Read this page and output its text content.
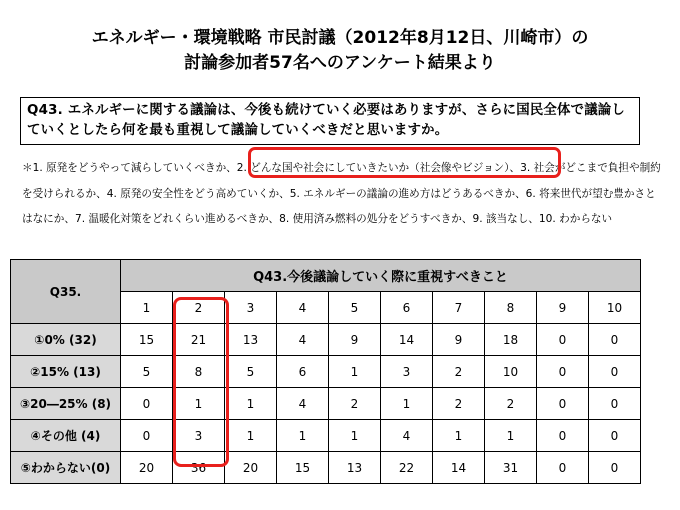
エネルギー・環境戦略 市民討議（2012年8月12日、川崎市）の
討論参加者57名へのアンケート結果より
Q43. エネルギーに関する議論は、今後も続けていく必要はありますが、さらに国民全体で議論していくとしたら何を最も重視して議論していくべきだと思いますか。
＊1. 原発をどうやって減らしていくべきか、2. どんな国や社会にしていきたいか（社会像やビジョン）、3. 社会がどこまで負担や制約を受けられるか、4. 原発の安全性をどう高めていくか、5. エネルギーの議論の進め方はどうあるべきか、6. 将来世代が望む豊かさとはなにか、7. 温暖化対策をどれくらい進めるべきか、8. 使用済み燃料の処分をどうすべきか、9. 該当なし、10. わからない
Q35.	Q43.今後議論していく際に重視すべきこと									
	1	2	3	4	5	6	7	8	9	10
①0% (32)	15	21	13	4	9	14	9	18	0	0
②15% (13)	5	8	5	6	1	3	2	10	0	0
③20―25% (8)	0	1	1	4	2	1	2	2	0	0
④その他 (4)	0	3	1	1	1	4	1	1	0	0
⑤わからない(0)	20	36	20	15	13	22	14	31	0	0
